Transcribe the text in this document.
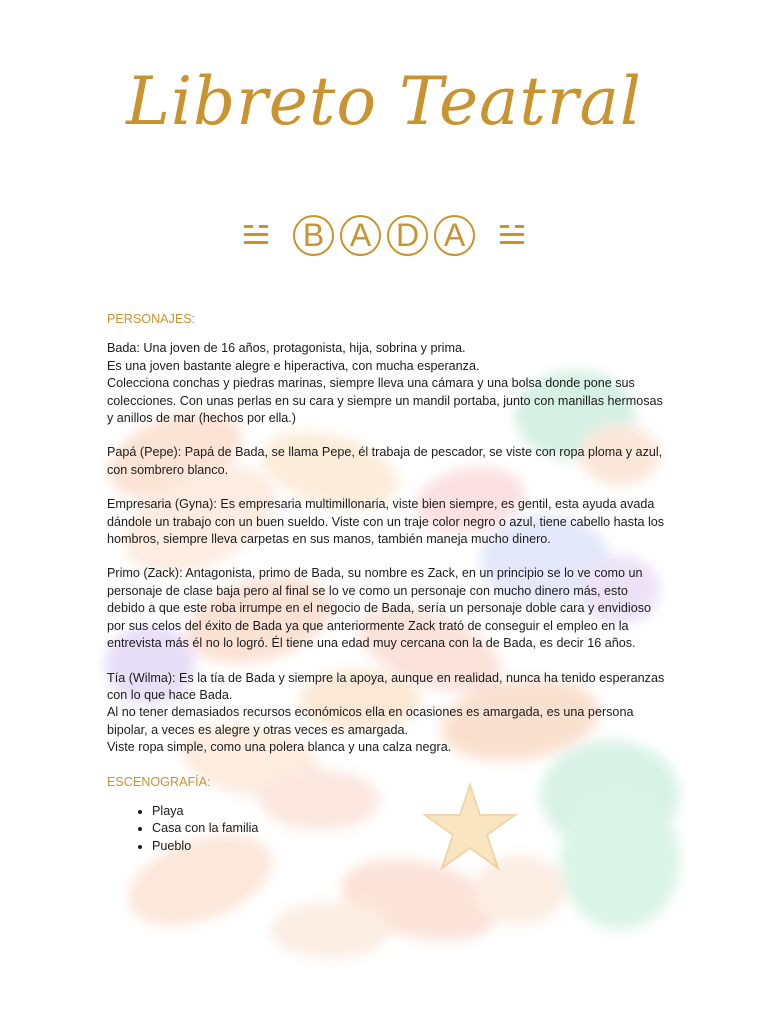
Libreto Teatral
B A D A
PERSONAJES:
Bada: Una joven de 16 años, protagonista, hija, sobrina y prima.
Es una joven bastante alegre e hiperactiva, con mucha esperanza.
Colecciona conchas y piedras marinas, siempre lleva una cámara y una bolsa donde pone sus colecciones. Con unas perlas en su cara y siempre un mandil portaba, junto con manillas hermosas y anillos de mar (hechos por ella.)
Papá (Pepe): Papá de Bada, se llama Pepe, él trabaja de pescador, se viste con ropa ploma y azul, con sombrero blanco.
Empresaria (Gyna): Es empresaria multimillonaria, viste bien siempre, es gentil, esta ayuda avada dándole un trabajo con un buen sueldo. Viste con un traje color negro o azul, tiene cabello hasta los hombros, siempre lleva carpetas en sus manos, también maneja mucho dinero.
Primo (Zack): Antagonista, primo de Bada, su nombre es Zack, en un principio se lo ve como un personaje de clase baja pero al final se lo ve como un personaje con mucho dinero más, esto debido a que este roba irrumpe en el negocio de Bada, sería un personaje doble cara y envidioso por sus celos del éxito de Bada ya que anteriormente Zack trató de conseguir el empleo en la entrevista más él no lo logró. Él tiene una edad muy cercana con la de Bada, es decir 16 años.
Tía (Wilma): Es la tía de Bada y siempre la apoya, aunque en realidad, nunca ha tenido esperanzas con lo que hace Bada.
Al no tener demasiados recursos económicos ella en ocasiones es amargada, es una persona bipolar, a veces es alegre y otras veces es amargada.
Viste ropa simple, como una polera blanca y una calza negra.
ESCENOGRAFÍA:
• Playa
• Casa con la familia
• Pueblo
